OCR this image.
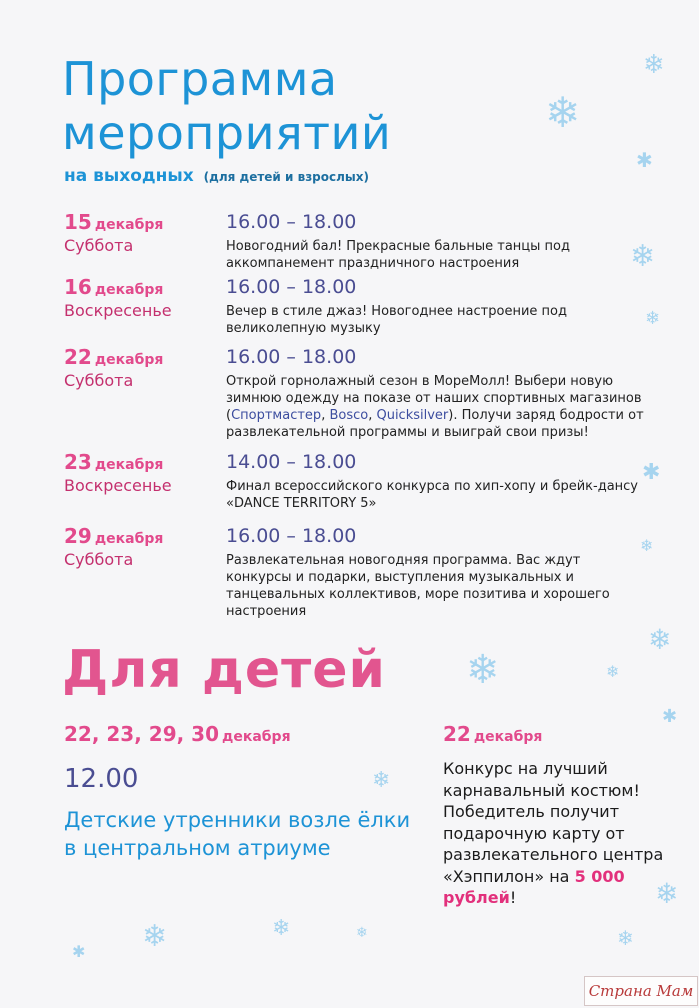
❄
❄
✱
❄
❄
✱
❄
❄
❄	❄
✱
❄
❄
❄
✱
❄	❄
❄
Программа
мероприятий
на выходных (для детей и взрослых)
15 декабря
Суббота
16.00 – 18.00
Новогодний бал! Прекрасные бальные танцы под аккомпанемент праздничного настроения
16 декабря
Воскресенье
16.00 – 18.00
Вечер в стиле джаз! Новогоднее настроение под великолепную музыку
22 декабря
Суббота
16.00 – 18.00
Открой горнолажный сезон в МореМолл! Выбери новую зимнюю одежду на показе от наших спортивных магазинов (Спортмастер, Bosco, Quicksilver). Получи заряд бодрости от развлекательной программы и выиграй свои призы!
23 декабря
Воскресенье
14.00 – 18.00
Финал всероссийского конкурса по хип-хопу и брейк-дансу «DANCE TERRITORY 5»
29 декабря
Суббота
16.00 – 18.00
Развлекательная новогодняя программа. Вас ждут конкурсы и подарки, выступления музыкальных и танцевальных коллективов, море позитива и хорошего настроения
Для детей
22, 23, 29, 30 декабря
12.00
Детские утренники возле ёлки в центральном атриуме
22 декабря
Конкурс на лучший карнавальный костюм! Победитель получит подарочную карту от развлекательного центра «Хэппилон» на 5 000 рублей!
Страна Мам
